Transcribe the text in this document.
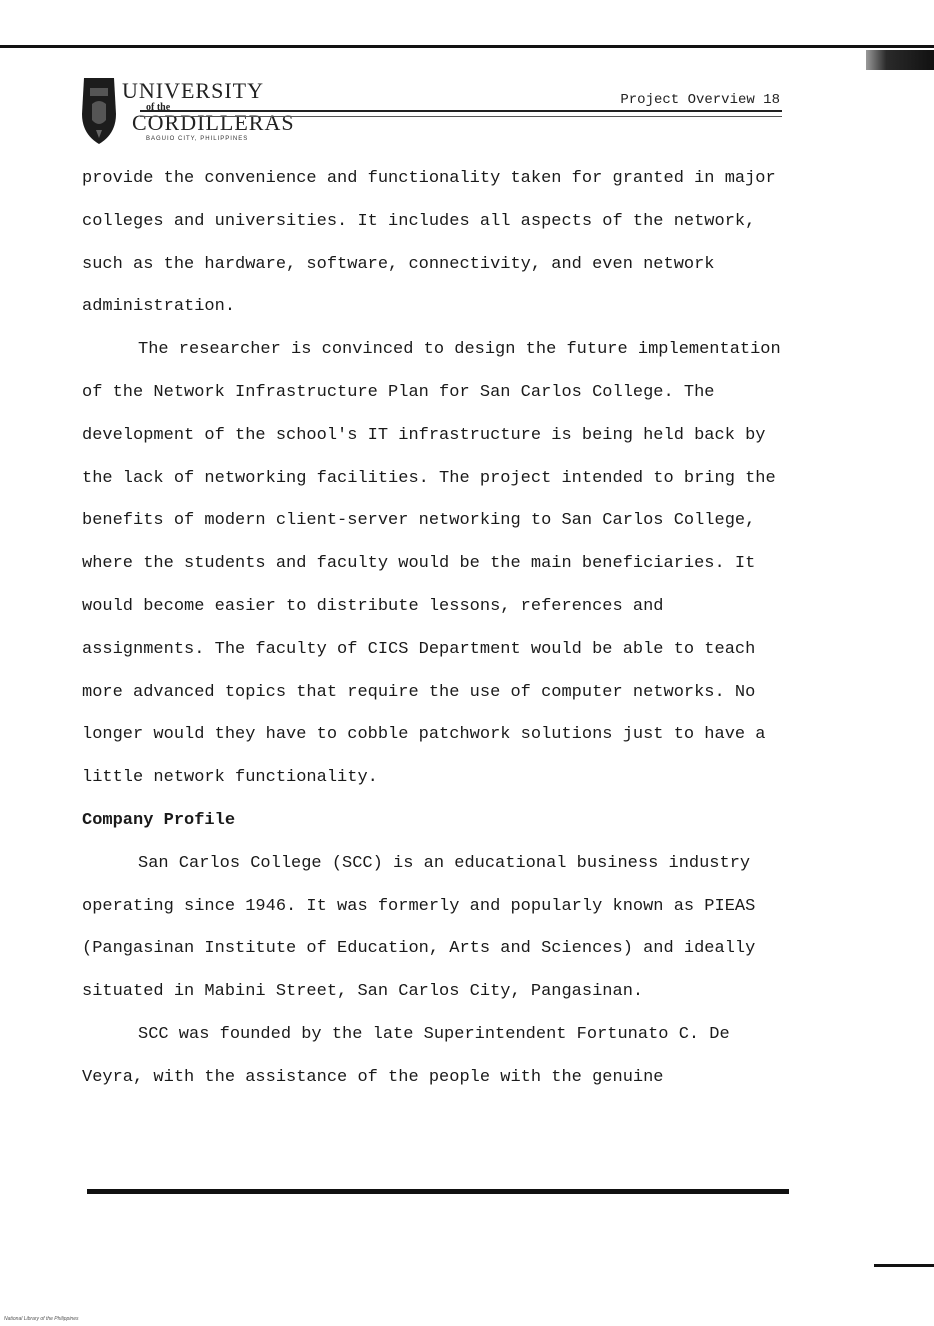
UNIVERSITY
of the
CORDILLERAS
BAGUIO CITY, PHILIPPINES
Project Overview 18

provide the convenience and functionality taken for granted in major colleges and universities. It includes all aspects of the network, such as the hardware, software, connectivity, and even network administration.

The researcher is convinced to design the future implementation of the Network Infrastructure Plan for San Carlos College. The development of the school's IT infrastructure is being held back by the lack of networking facilities. The project intended to bring the benefits of modern client-server networking to San Carlos College, where the students and faculty would be the main beneficiaries. It would become easier to distribute lessons, references and assignments. The faculty of CICS Department would be able to teach more advanced topics that require the use of computer networks. No longer would they have to cobble patchwork solutions just to have a little network functionality.

Company Profile

San Carlos College (SCC) is an educational business industry operating since 1946. It was formerly and popularly known as PIEAS (Pangasinan Institute of Education, Arts and Sciences) and ideally situated in Mabini Street, San Carlos City, Pangasinan.

SCC was founded by the late Superintendent Fortunato C. De Veyra, with the assistance of the people with the genuine

National Library of the Philippines
